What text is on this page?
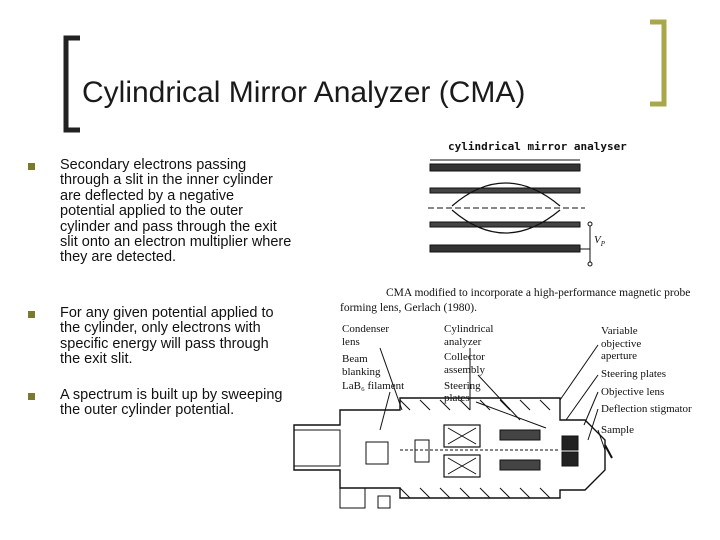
Cylindrical Mirror Analyzer (CMA)
Secondary electrons passing through a slit in the inner cylinder are deflected by a negative potential applied to the outer cylinder and pass through the exit slit onto an electron multiplier where they are detected.
For any given potential applied to the cylinder, only electrons with specific energy will pass through the exit slit.
A spectrum is built up by sweeping the outer cylinder potential.
cylindrical mirror analyser
$V_P$
CMA modified to incorporate a high-performance magnetic probe
forming lens, Gerlach (1980).
Condenser
lens
Beam
blanking
LaB₆ filament
Cylindrical
analyzer
Collector
assembly
Steering
plates
Variable
objective
aperture
Steering plates
Objective lens
Deflection stigmator
Sample
